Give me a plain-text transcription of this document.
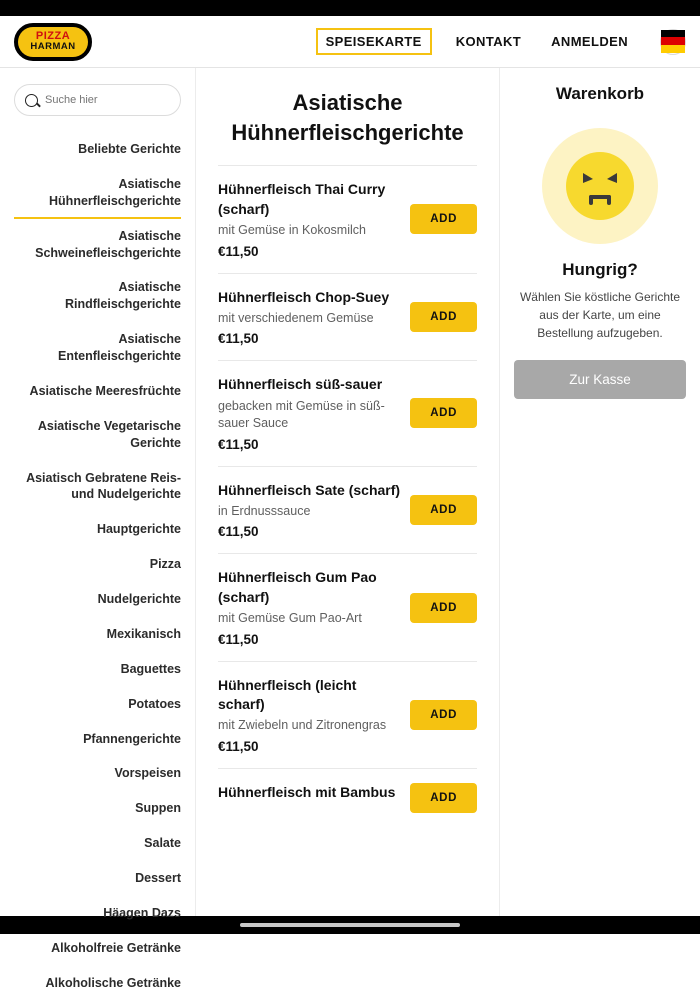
PIZZA
HARMAN	SPEISEKARTE	KONTAKT	ANMELDEN
Suche hier
Beliebte Gerichte
Asiatische Hühnerfleischgerichte
Asiatische Schweinefleischgerichte
Asiatische Rindfleischgerichte
Asiatische Entenfleischgerichte
Asiatische Meeresfrüchte
Asiatische Vegetarische Gerichte
Asiatisch Gebratene Reis- und Nudelgerichte
Hauptgerichte
Pizza
Nudelgerichte
Mexikanisch
Baguettes
Potatoes
Pfannengerichte
Vorspeisen
Suppen
Salate
Dessert
Häagen Dazs
Alkoholfreie Getränke
Alkoholische Getränke
Asiatische Hühnerfleischgerichte
Hühnerfleisch Thai Curry (scharf)
mit Gemüse in Kokosmilch
€11,50
ADD
Hühnerfleisch Chop-Suey
mit verschiedenem Gemüse
€11,50
ADD
Hühnerfleisch süß-sauer
gebacken mit Gemüse in süß-sauer Sauce
€11,50
ADD
Hühnerfleisch Sate (scharf)
in Erdnusssauce
€11,50
ADD
Hühnerfleisch Gum Pao (scharf)
mit Gemüse Gum Pao-Art
€11,50
ADD
Hühnerfleisch (leicht scharf)
mit Zwiebeln und Zitronengras
€11,50
ADD
Hühnerfleisch mit Bambus	ADD
Warenkorb
Hungrig?
Wählen Sie köstliche Gerichte aus der Karte, um eine Bestellung aufzugeben.
Zur Kasse
